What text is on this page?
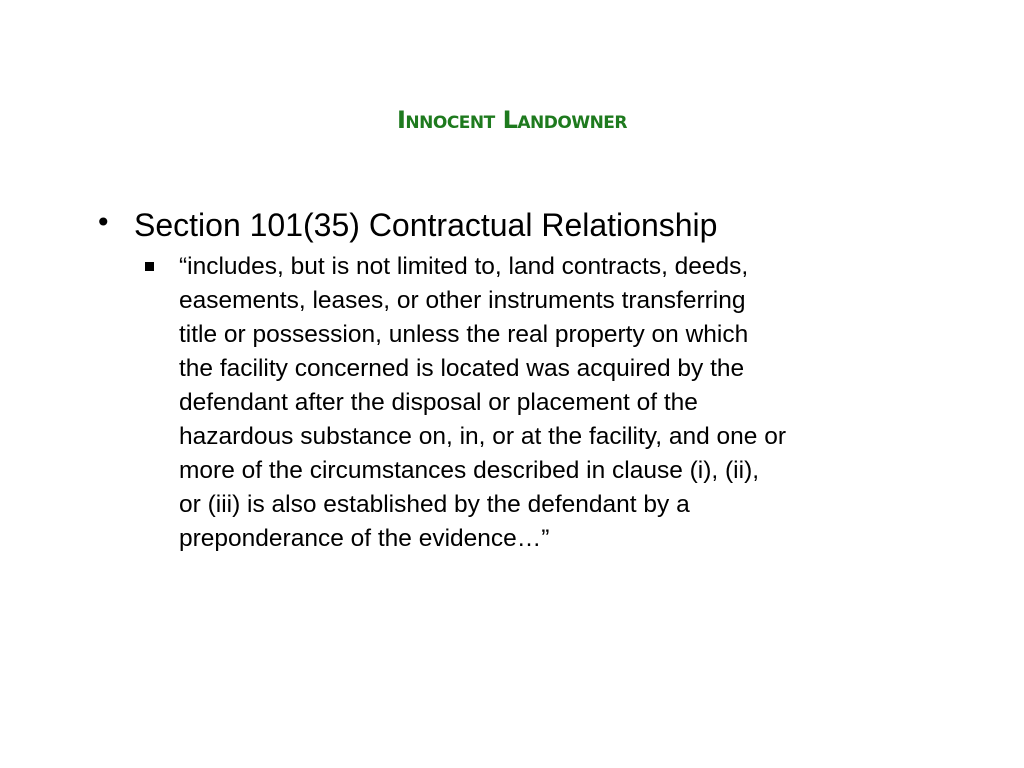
Innocent Landowner
• Section 101(35) Contractual Relationship
“includes, but is not limited to, land contracts, deeds,
easements, leases, or other instruments transferring
title or possession, unless the real property on which
the facility concerned is located was acquired by the
defendant after the disposal or placement of the
hazardous substance on, in, or at the facility, and one or
more of the circumstances described in clause (i), (ii),
or (iii) is also established by the defendant by a
preponderance of the evidence…”
